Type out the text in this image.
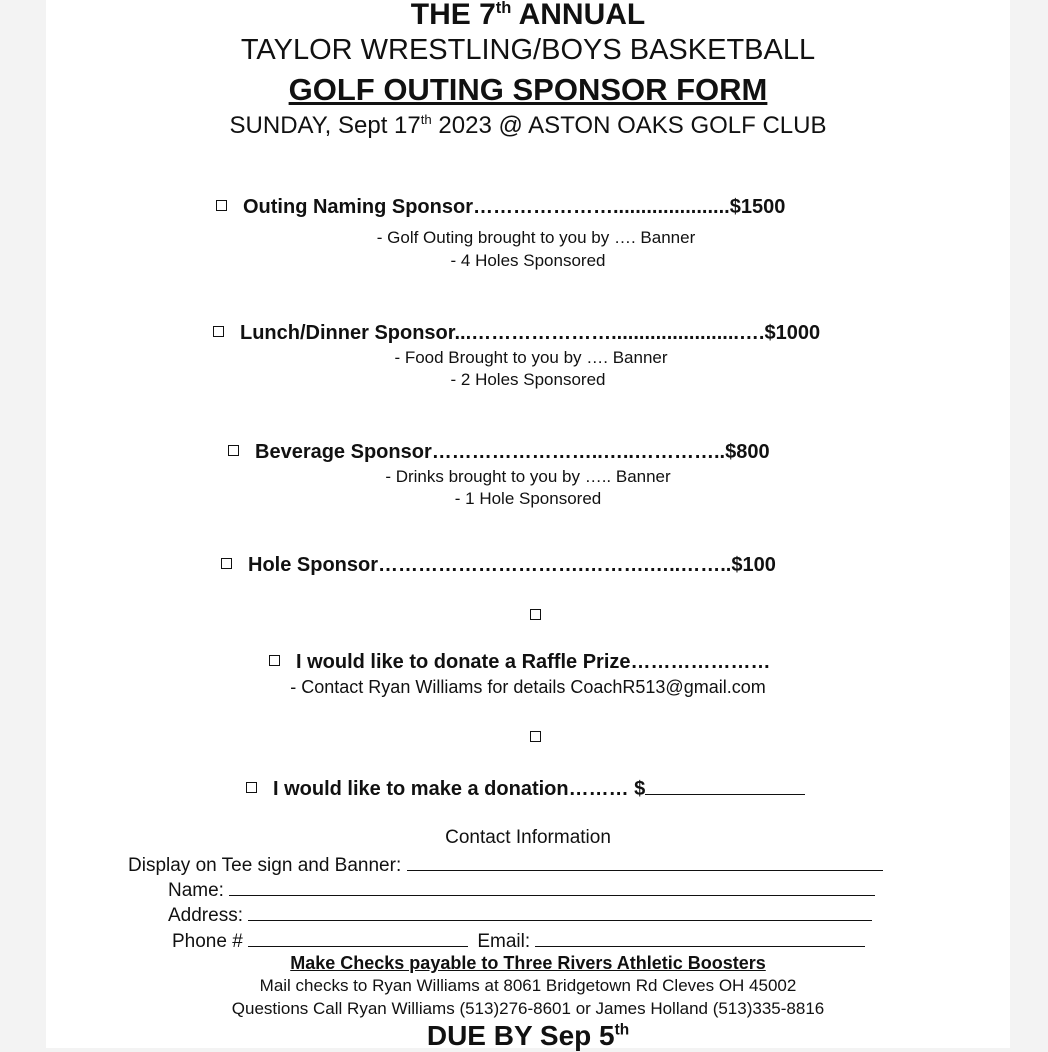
THE 7th ANNUAL
TAYLOR WRESTLING/BOYS BASKETBALL
GOLF OUTING SPONSOR FORM
SUNDAY, Sept 17th 2023 @ ASTON OAKS GOLF CLUB
Outing Naming Sponsor………………….....................$1500
- Golf Outing brought to you by …. Banner
- 4 Holes Sponsored
Lunch/Dinner Sponsor...………………….......................….$1000
- Food Brought to you by …. Banner
- 2 Holes Sponsored
Beverage Sponsor……………………..…..…………..$800
- Drinks brought to you by ….. Banner
- 1 Hole Sponsored
Hole Sponsor………………………….……….…..……..$100
I would like to donate a Raffle Prize…………………
- Contact Ryan Williams for details CoachR513@gmail.com
I would like to make a donation……… $
Contact Information
Display on Tee sign and Banner:
Name:
Address:
Phone #	Email:
Make Checks payable to Three Rivers Athletic Boosters
Mail checks to Ryan Williams at 8061 Bridgetown Rd Cleves OH 45002
Questions Call Ryan Williams (513)276-8601 or James Holland (513)335-8816
DUE BY Sep 5th
